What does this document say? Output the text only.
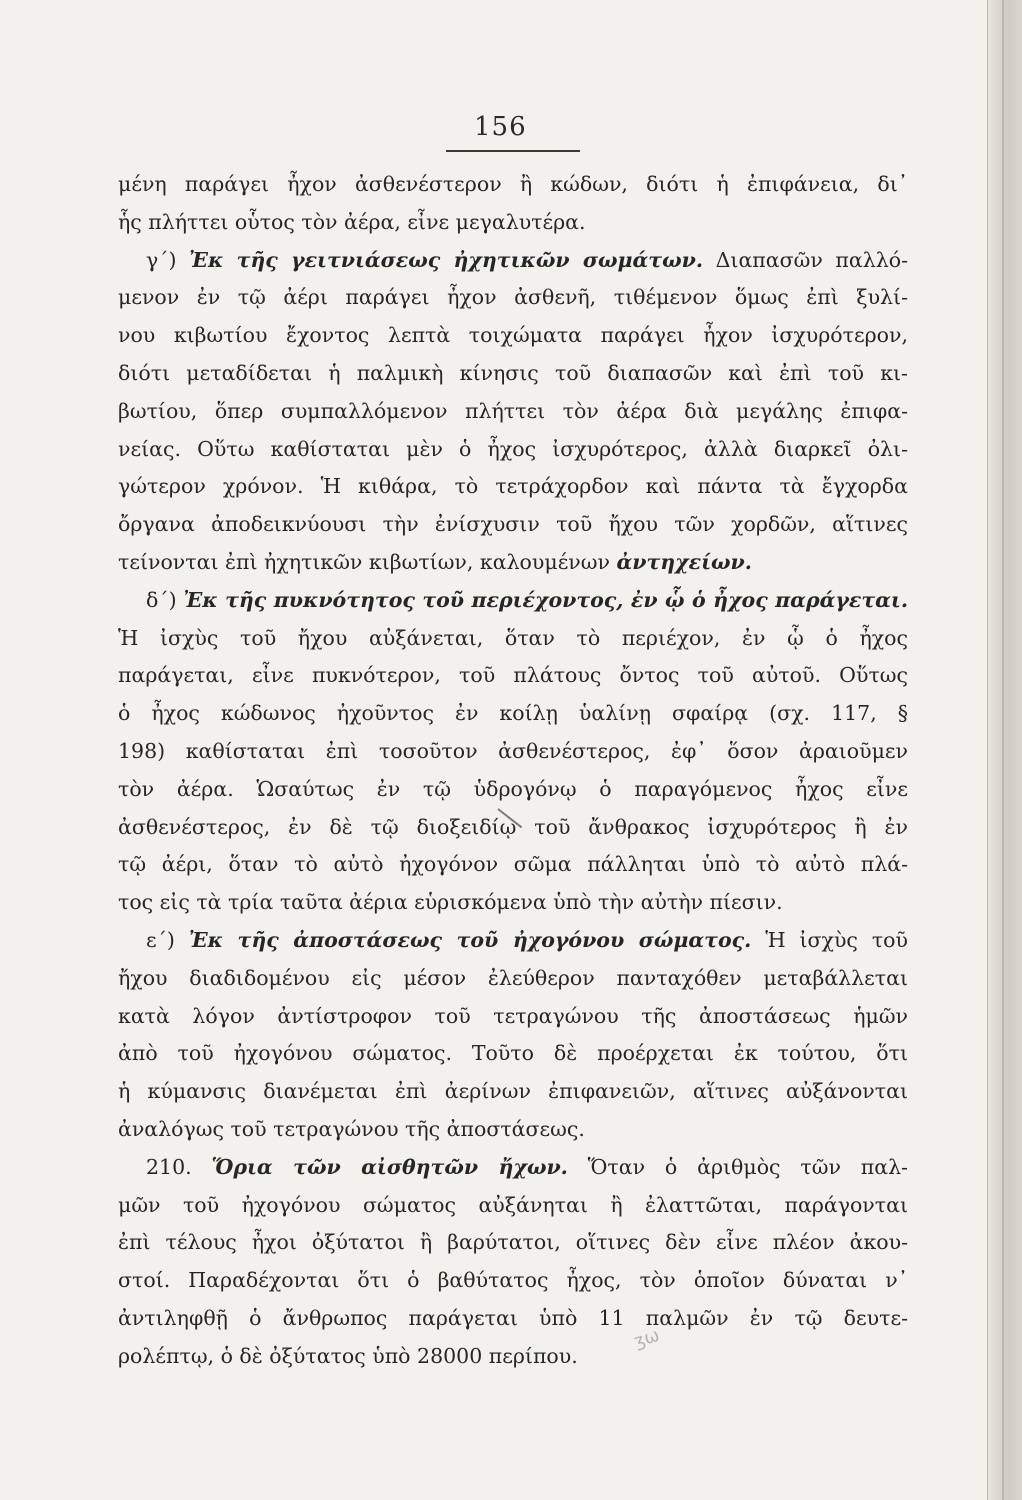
156
μένη παράγει ἦχον ἀσθενέστερον ἢ κώδων, διότι ἡ ἐπιφάνεια, δι᾽
ἧς πλήττει οὗτος τὸν ἀέρα, εἶνε μεγαλυτέρα.
γ΄) Ἐκ τῆς γειτνιάσεως ἠχητικῶν σωμάτων. Διαπασῶν παλλό-
μενον ἐν τῷ ἀέρι παράγει ἦχον ἀσθενῆ, τιθέμενον ὅμως ἐπὶ ξυλί-
νου κιβωτίου ἔχοντος λεπτὰ τοιχώματα παράγει ἦχον ἰσχυρότερον,
διότι μεταδίδεται ἡ παλμικὴ κίνησις τοῦ διαπασῶν καὶ ἐπὶ τοῦ κι-
βωτίου, ὅπερ συμπαλλόμενον πλήττει τὸν ἀέρα διὰ μεγάλης ἐπιφα-
νείας. Οὕτω καθίσταται μὲν ὁ ἦχος ἰσχυρότερος, ἀλλὰ διαρκεῖ ὀλι-
γώτερον χρόνον. Ἡ κιθάρα, τὸ τετράχορδον καὶ πάντα τὰ ἔγχορδα
ὄργανα ἀποδεικνύουσι τὴν ἐνίσχυσιν τοῦ ἤχου τῶν χορδῶν, αἵτινες
τείνονται ἐπὶ ἠχητικῶν κιβωτίων, καλουμένων ἀντηχείων.
δ΄) Ἐκ τῆς πυκνότητος τοῦ περιέχοντος, ἐν ᾧ ὁ ἦχος παράγεται.
Ἡ ἰσχὺς τοῦ ἤχου αὐξάνεται, ὅταν τὸ περιέχον, ἐν ᾧ ὁ ἦχος
παράγεται, εἶνε πυκνότερον, τοῦ πλάτους ὄντος τοῦ αὐτοῦ. Οὕτως
ὁ ἦχος κώδωνος ἠχοῦντος ἐν κοίλῃ ὑαλίνῃ σφαίρᾳ (σχ. 117, §
198) καθίσταται ἐπὶ τοσοῦτον ἀσθενέστερος, ἐφ᾽ ὅσον ἀραιοῦμεν
τὸν ἀέρα. Ὡσαύτως ἐν τῷ ὑδρογόνῳ ὁ παραγόμενος ἦχος εἶνε
ἀσθενέστερος, ἐν δὲ τῷ διοξειδίῳ τοῦ ἄνθρακος ἰσχυρότερος ἢ ἐν
τῷ ἀέρι, ὅταν τὸ αὐτὸ ἠχογόνον σῶμα πάλληται ὑπὸ τὸ αὐτὸ πλά-
τος εἰς τὰ τρία ταῦτα ἀέρια εὑρισκόμενα ὑπὸ τὴν αὐτὴν πίεσιν.
ε΄) Ἐκ τῆς ἀποστάσεως τοῦ ἠχογόνου σώματος. Ἡ ἰσχὺς τοῦ
ἤχου διαδιδομένου εἰς μέσον ἐλεύθερον πανταχόθεν μεταβάλλεται
κατὰ λόγον ἀντίστροφον τοῦ τετραγώνου τῆς ἀποστάσεως ἡμῶν
ἀπὸ τοῦ ἠχογόνου σώματος. Τοῦτο δὲ προέρχεται ἐκ τούτου, ὅτι
ἡ κύμανσις διανέμεται ἐπὶ ἀερίνων ἐπιφανειῶν, αἵτινες αὐξάνονται
ἀναλόγως τοῦ τετραγώνου τῆς ἀποστάσεως.
210. Ὅρια τῶν αἰσθητῶν ἤχων. Ὅταν ὁ ἀριθμὸς τῶν παλ-
μῶν τοῦ ἠχογόνου σώματος αὐξάνηται ἢ ἐλαττῶται, παράγονται
ἐπὶ τέλους ἦχοι ὀξύτατοι ἢ βαρύτατοι, οἵτινες δὲν εἶνε πλέον ἀκου-
στοί. Παραδέχονται ὅτι ὁ βαθύτατος ἦχος, τὸν ὁποῖον δύναται ν᾽
ἀντιληφθῇ ὁ ἄνθρωπος παράγεται ὑπὸ 11 παλμῶν ἐν τῷ δευτε-
ρολέπτῳ, ὁ δὲ ὀξύτατος ὑπὸ 28000 περίπου.
ʒω
